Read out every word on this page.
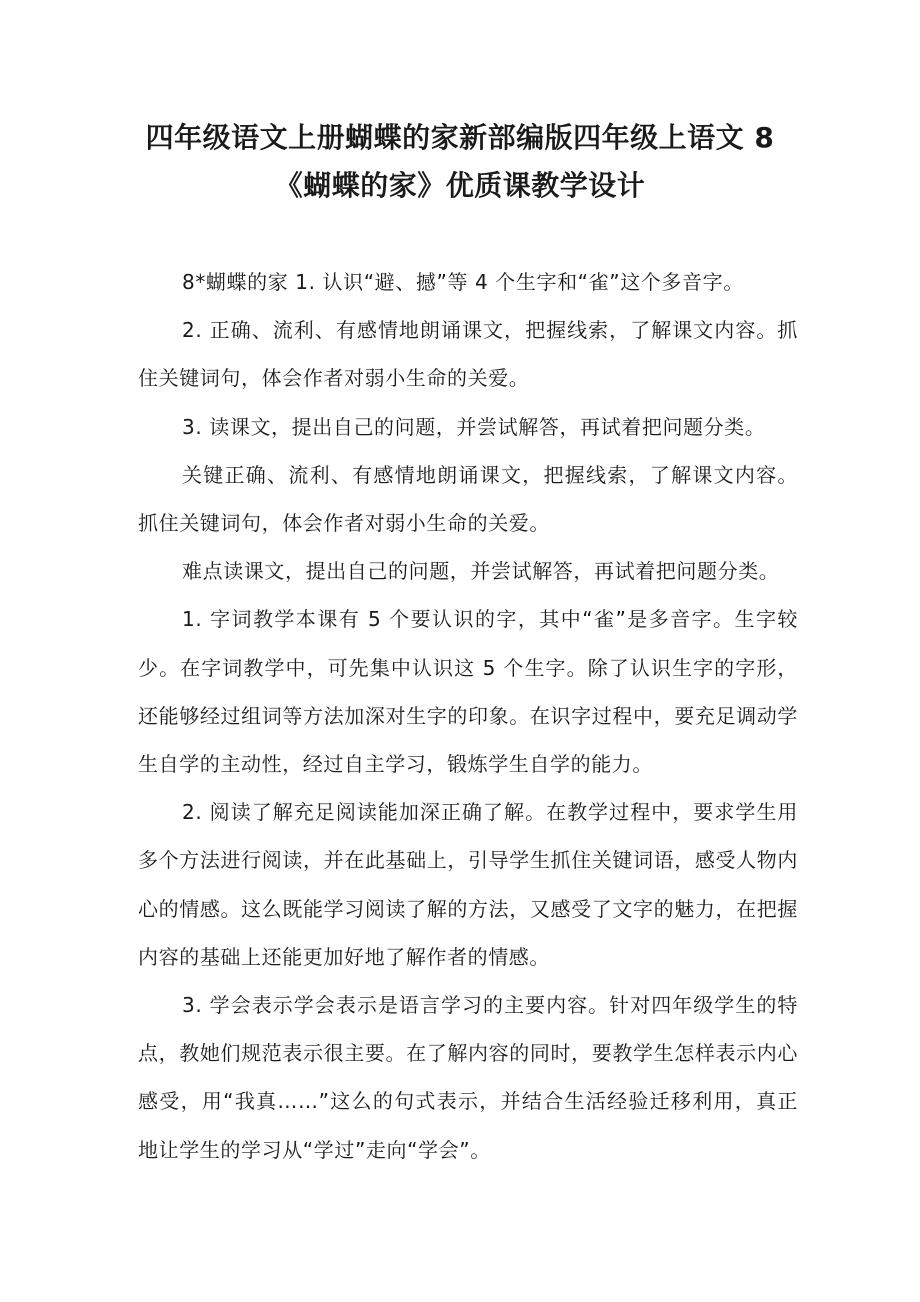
四年级语文上册蝴蝶的家新部编版四年级上语文 8
《蝴蝶的家》优质课教学设计

8*蝴蝶的家 1. 认识“避、撼”等 4 个生字和“雀”这个多音字。

2. 正确、流利、有感情地朗诵课文，把握线索，了解课文内容。抓住关键词句，体会作者对弱小生命的关爱。

3. 读课文，提出自己的问题，并尝试解答，再试着把问题分类。

关键正确、流利、有感情地朗诵课文，把握线索，了解课文内容。抓住关键词句，体会作者对弱小生命的关爱。

难点读课文，提出自己的问题，并尝试解答，再试着把问题分类。

1. 字词教学本课有 5 个要认识的字，其中“雀”是多音字。生字较少。在字词教学中，可先集中认识这 5 个生字。除了认识生字的字形，还能够经过组词等方法加深对生字的印象。在识字过程中，要充足调动学生自学的主动性，经过自主学习，锻炼学生自学的能力。

2. 阅读了解充足阅读能加深正确了解。在教学过程中，要求学生用多个方法进行阅读，并在此基础上，引导学生抓住关键词语，感受人物内心的情感。这么既能学习阅读了解的方法，又感受了文字的魅力，在把握内容的基础上还能更加好地了解作者的情感。

3. 学会表示学会表示是语言学习的主要内容。针对四年级学生的特点，教她们规范表示很主要。在了解内容的同时，要教学生怎样表示内心感受，用“我真……”这么的句式表示，并结合生活经验迁移利用，真正地让学生的学习从“学过”走向“学会”。
